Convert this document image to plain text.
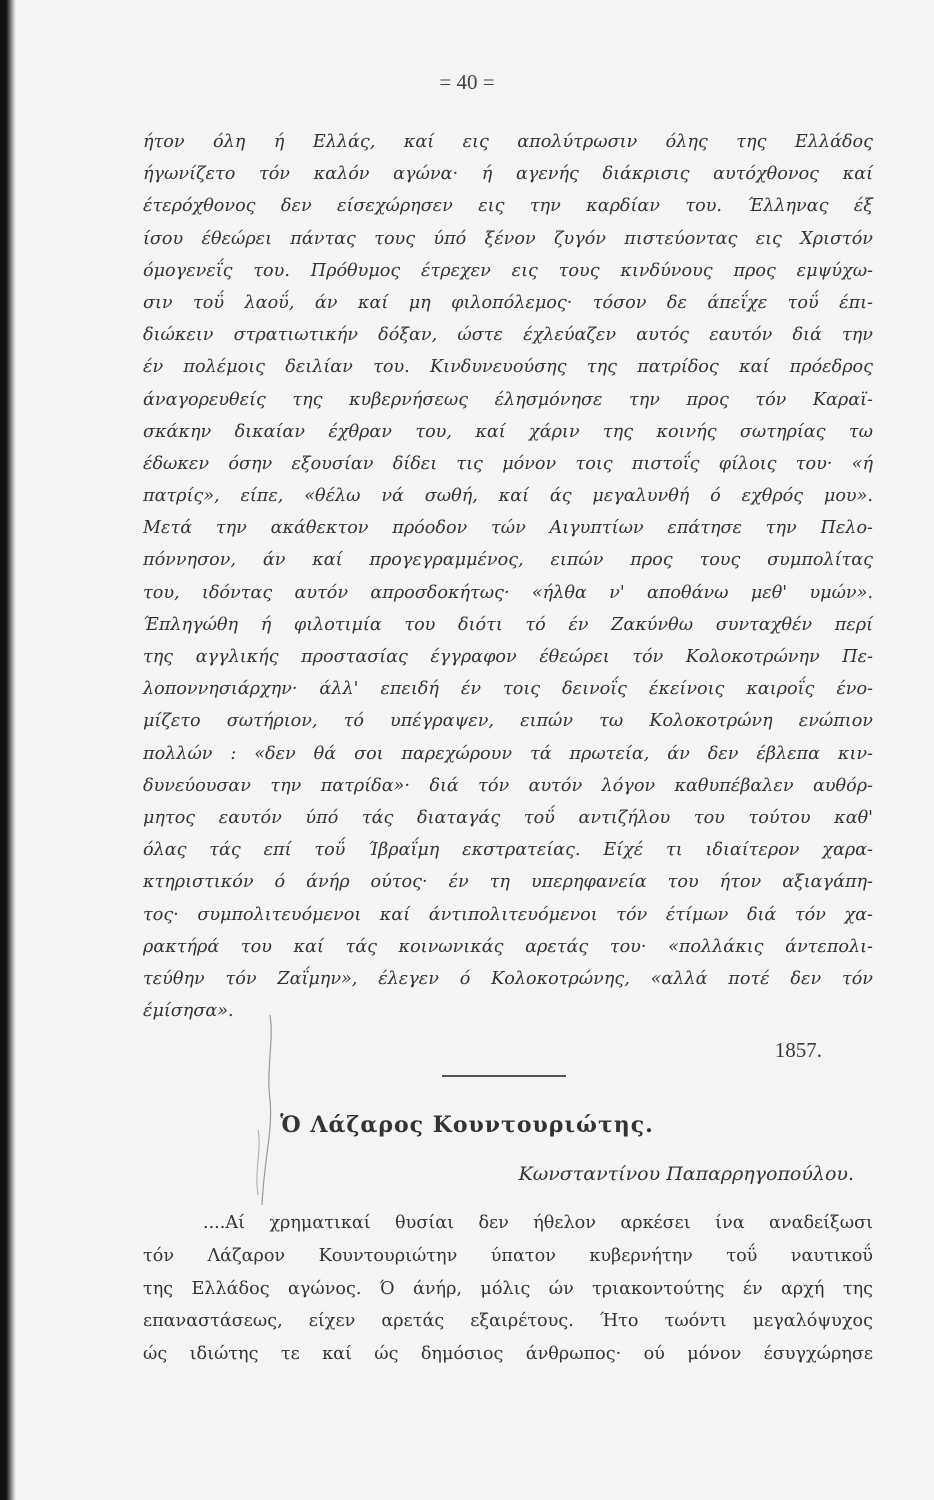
= 40 =
ήτον όλη ή Ελλάς, καί εις απολύτρωσιν όλης της Ελλάδος
ήγωνίζετο τόν καλόν αγώνα· ή αγενής διάκρισις αυτόχθονος καί
έτερόχθονος δεν είσεχώρησεν εις την καρδίαν του. Έλληνας έξ
ίσου έθεώρει πάντας τους ύπό ξένον ζυγόν πιστεύοντας εις Χριστόν
όμογενεΐς του. Πρόθυμος έτρεχεν εις τους κινδύνους προς εμψύχω-
σιν τοΰ λαοΰ, άν καί μη φιλοπόλεμος· τόσον δε άπεΐχε τοΰ έπι-
διώκειν στρατιωτικήν δόξαν, ώστε έχλεύαζεν αυτός εαυτόν διά την
έν πολέμοις δειλίαν του. Κινδυνευούσης της πατρίδος καί πρόεδρος
άναγορευθείς της κυβερνήσεως έλησμόνησε την προς τόν Καραϊ-
σκάκην δικαίαν έχθραν του, καί χάριν της κοινής σωτηρίας τω
έδωκεν όσην εξουσίαν δίδει τις μόνον τοις πιστοΐς φίλοις του· «ή
πατρίς», είπε, «θέλω νά σωθή, καί άς μεγαλυνθή ό εχθρός μου».
Μετά την ακάθεκτον πρόοδον τών Αιγυπτίων επάτησε την Πελο-
πόννησον, άν καί προγεγραμμένος, ειπών προς τους συμπολίτας
του, ιδόντας αυτόν απροσδοκήτως· «ήλθα ν' αποθάνω μεθ' υμών».
Έπληγώθη ή φιλοτιμία του διότι τό έν Ζακύνθω συνταχθέν περί
της αγγλικής προστασίας έγγραφον έθεώρει τόν Κολοκοτρώνην Πε-
λοποννησιάρχην· άλλ' επειδή έν τοις δεινοΐς έκείνοις καιροΐς ένο-
μίζετο σωτήριον, τό υπέγραψεν, ειπών τω Κολοκοτρώνη ενώπιον
πολλών : «δεν θά σοι παρεχώρουν τά πρωτεία, άν δεν έβλεπα κιν-
δυνεύουσαν την πατρίδα»· διά τόν αυτόν λόγον καθυπέβαλεν αυθόρ-
μητος εαυτόν ύπό τάς διαταγάς τοΰ αντιζήλου του τούτου καθ'
όλας τάς επί τοΰ Ίβραΐμη εκστρατείας. Είχέ τι ιδιαίτερον χαρα-
κτηριστικόν ό άνήρ ούτος· έν τη υπερηφανεία του ήτον αξιαγάπη-
τος· συμπολιτευόμενοι καί άντιπολιτευόμενοι τόν έτίμων διά τόν χα-
ρακτήρά του καί τάς κοινωνικάς αρετάς του· «πολλάκις άντεπολι-
τεύθην τόν Ζαΐμην», έλεγεν ό Κολοκοτρώνης, «αλλά ποτέ δεν τόν
έμίσησα».
1857.
Ὁ Λάζαρος Κουντουριώτης.
Κωνσταντίνου Παπαρρηγοπούλου.
....Αί χρηματικαί θυσίαι δεν ήθελον αρκέσει ίνα αναδείξωσι
τόν Λάζαρον Κουντουριώτην ύπατον κυβερνήτην τοΰ ναυτικοΰ
της Ελλάδος αγώνος. Ό άνήρ, μόλις ών τριακοντούτης έν αρχή της
επαναστάσεως, είχεν αρετάς εξαιρέτους. Ήτο τωόντι μεγαλόψυχος
ώς ιδιώτης τε καί ώς δημόσιος άνθρωπος· ού μόνον έσυγχώρησε
